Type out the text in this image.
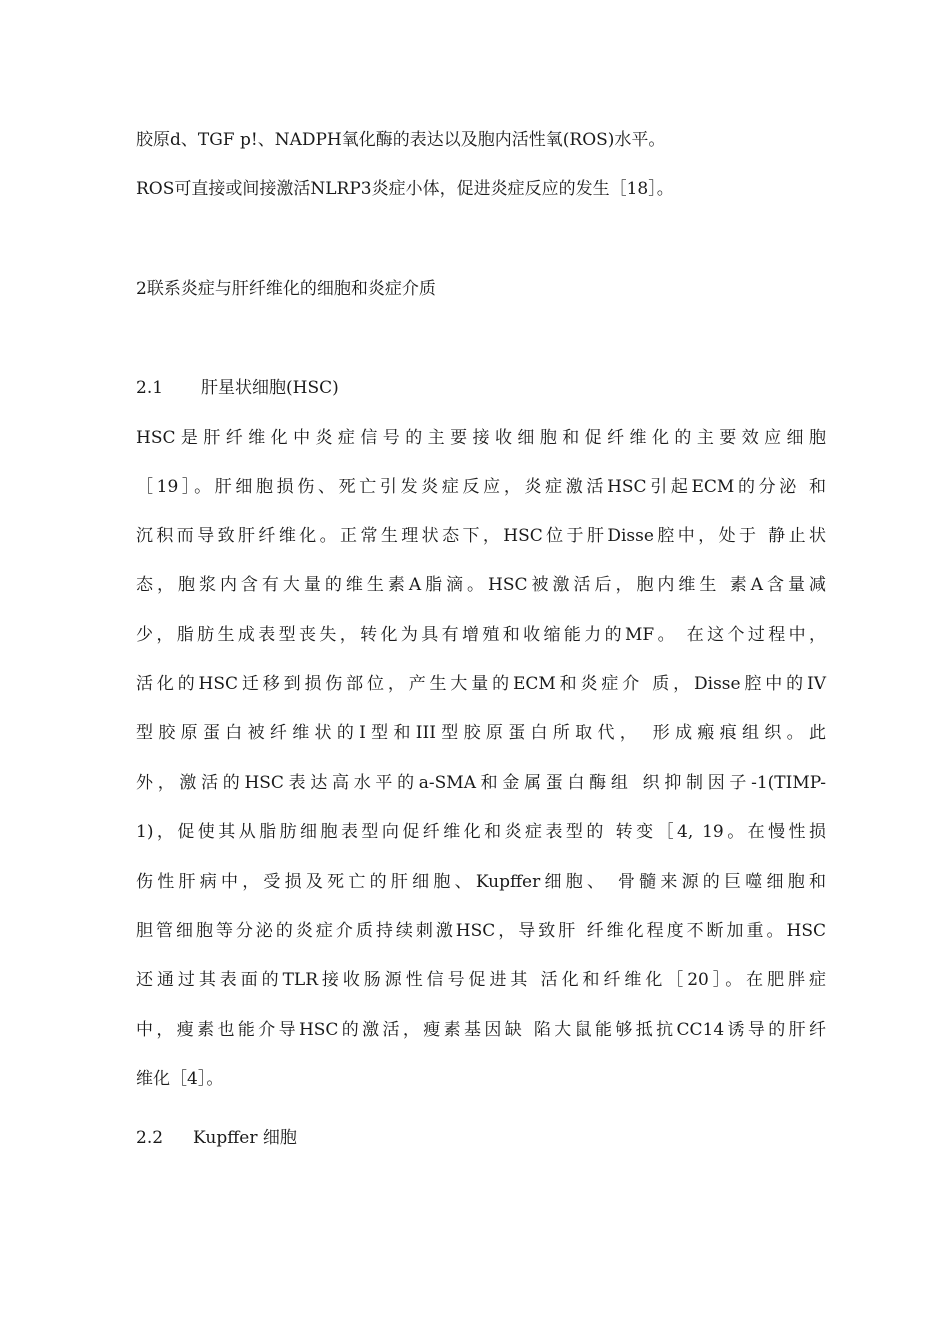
胶原d、TGF p!、NADPH氧化酶的表达以及胞内活性氧(ROS)水平。
ROS可直接或间接激活NLRP3炎症小体，促进炎症反应的发生［18］。
2联系炎症与肝纤维化的细胞和炎症介质
2.1 肝星状细胞(HSC)
HSC是肝纤维化中炎症信号的主要接收细胞和促纤维化的主要效应细胞
［19］。肝细胞损伤、死亡引发炎症反应，炎症激活HSC引起ECM的分泌 和
沉积而导致肝纤维化。正常生理状态下，HSC位于肝Disse腔中，处于 静止状
态，胞浆内含有大量的维生素A脂滴。HSC被激活后，胞内维生 素A含量减
少，脂肪生成表型丧失，转化为具有增殖和收缩能力的MF。 在这个过程中，
活化的HSC迁移到损伤部位，产生大量的ECM和炎症介 质，Disse腔中的IV
型胶原蛋白被纤维状的I型和III型胶原蛋白所取代， 形成瘢痕组织。此
外，激活的HSC表达高水平的a-SMA和金属蛋白酶组 织抑制因子-1(TIMP-
1)，促使其从脂肪细胞表型向促纤维化和炎症表型的 转变［4, 19。在慢性损
伤性肝病中，受损及死亡的肝细胞、Kupffer细胞、 骨髓来源的巨噬细胞和
胆管细胞等分泌的炎症介质持续刺激HSC，导致肝 纤维化程度不断加重。HSC
还通过其表面的TLR接收肠源性信号促进其 活化和纤维化［20］。在肥胖症
中，瘦素也能介导HSC的激活，瘦素基因缺 陷大鼠能够抵抗CC14诱导的肝纤
维化［4］。
2.2 Kupffer 细胞
